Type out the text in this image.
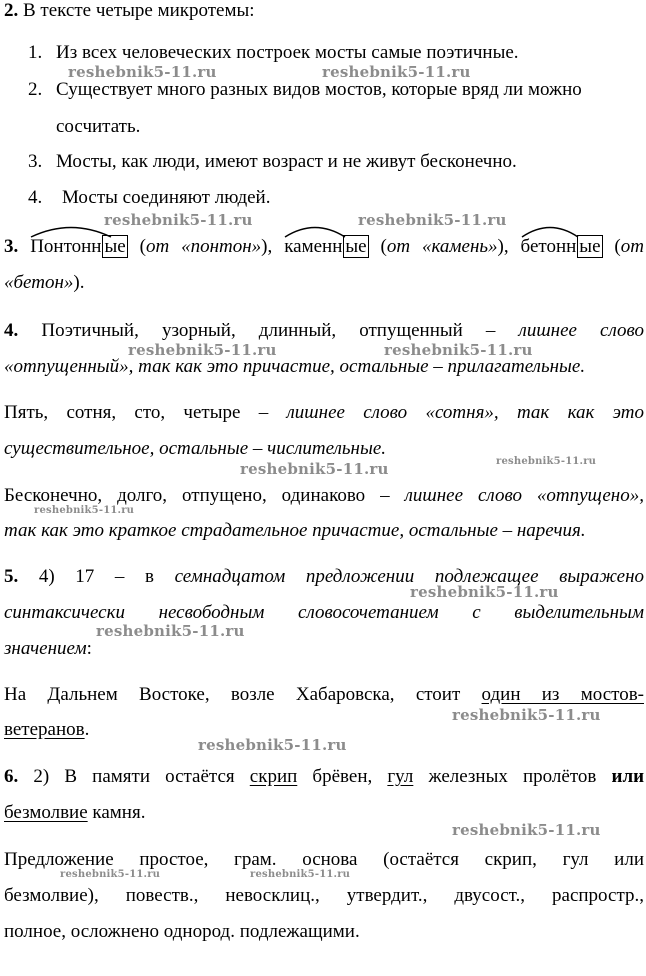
2. В тексте четыре микротемы:
1. Из всех человеческих построек мосты самые поэтичные.
2. Существует много разных видов мостов, которые вряд ли можно
сосчитать.
3. Мосты, как люди, имеют возраст и не живут бесконечно.
4. Мосты соединяют людей.
3. Понтонн ые (от «понтон»),
каменн ые (от «камень»),
бетонн ые (от
«бетон»).
4. Поэтичный, узорный, длинный, отпущенный – лишнее слово
«отпущенный», так как это причастие, остальные – прилагательные.
Пять, сотня, сто, четыре – лишнее слово «сотня», так как это
существительное, остальные – числительные.
Бесконечно, долго, отпущено, одинаково – лишнее слово «отпущено»,
так как это краткое страдательное причастие, остальные – наречия.
5. 4) 17 – в семнадцатом предложении подлежащее выражено
синтаксически несвободным словосочетанием с выделительным
значением:
На Дальнем Востоке, возле Хабаровска, стоит один из мостов-
ветеранов.
6. 2) В памяти остаётся скрип брёвен, гул железных пролётов или
безмолвие камня.
Предложение простое, грам. основа (остаётся скрип, гул или
безмолвие), повеств., невосклиц., утвердит., двусост., распростр.,
полное, осложнено однород. подлежащими.
reshebnik5-11.ru	reshebnik5-11.ru
reshebnik5-11.ru	reshebnik5-11.ru
reshebnik5-11.ru	reshebnik5-11.ru
reshebnik5-11.ru	reshebnik5-11.ru
reshebnik5-11.ru
reshebnik5-11.ru
reshebnik5-11.ru
reshebnik5-11.ru
reshebnik5-11.ru
reshebnik5-11.ru
reshebnik5-11.ru	reshebnik5-11.ru
